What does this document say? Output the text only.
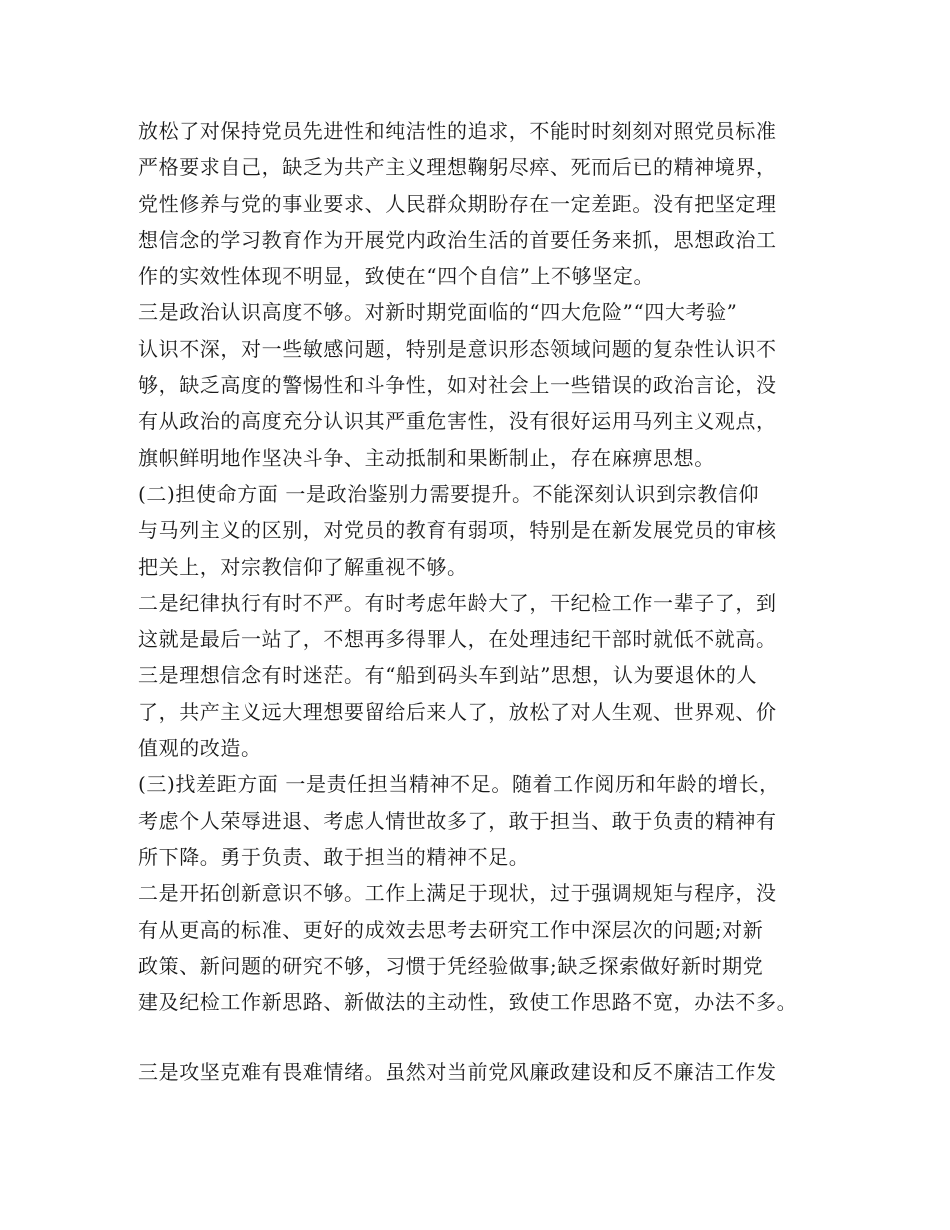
放松了对保持党员先进性和纯洁性的追求，不能时时刻刻对照党员标准
严格要求自己，缺乏为共产主义理想鞠躬尽瘁、死而后已的精神境界，
党性修养与党的事业要求、人民群众期盼存在一定差距。没有把坚定理
想信念的学习教育作为开展党内政治生活的首要任务来抓，思想政治工
作的实效性体现不明显，致使在“四个自信”上不够坚定。
三是政治认识高度不够。对新时期党面临的“四大危险”“四大考验”
认识不深，对一些敏感问题，特别是意识形态领域问题的复杂性认识不
够，缺乏高度的警惕性和斗争性，如对社会上一些错误的政治言论，没
有从政治的高度充分认识其严重危害性，没有很好运用马列主义观点，
旗帜鲜明地作坚决斗争、主动抵制和果断制止，存在麻痹思想。
(二)担使命方面 一是政治鉴别力需要提升。不能深刻认识到宗教信仰
与马列主义的区别，对党员的教育有弱项，特别是在新发展党员的审核
把关上，对宗教信仰了解重视不够。
二是纪律执行有时不严。有时考虑年龄大了，干纪检工作一辈子了，到
这就是最后一站了，不想再多得罪人，在处理违纪干部时就低不就高。
三是理想信念有时迷茫。有“船到码头车到站”思想，认为要退休的人
了，共产主义远大理想要留给后来人了，放松了对人生观、世界观、价
值观的改造。
(三)找差距方面 一是责任担当精神不足。随着工作阅历和年龄的增长，
考虑个人荣辱进退、考虑人情世故多了，敢于担当、敢于负责的精神有
所下降。勇于负责、敢于担当的精神不足。
二是开拓创新意识不够。工作上满足于现状，过于强调规矩与程序，没
有从更高的标准、更好的成效去思考去研究工作中深层次的问题;对新
政策、新问题的研究不够，习惯于凭经验做事;缺乏探索做好新时期党
建及纪检工作新思路、新做法的主动性，致使工作思路不宽，办法不多。
三是攻坚克难有畏难情绪。虽然对当前党风廉政建设和反不廉洁工作发
